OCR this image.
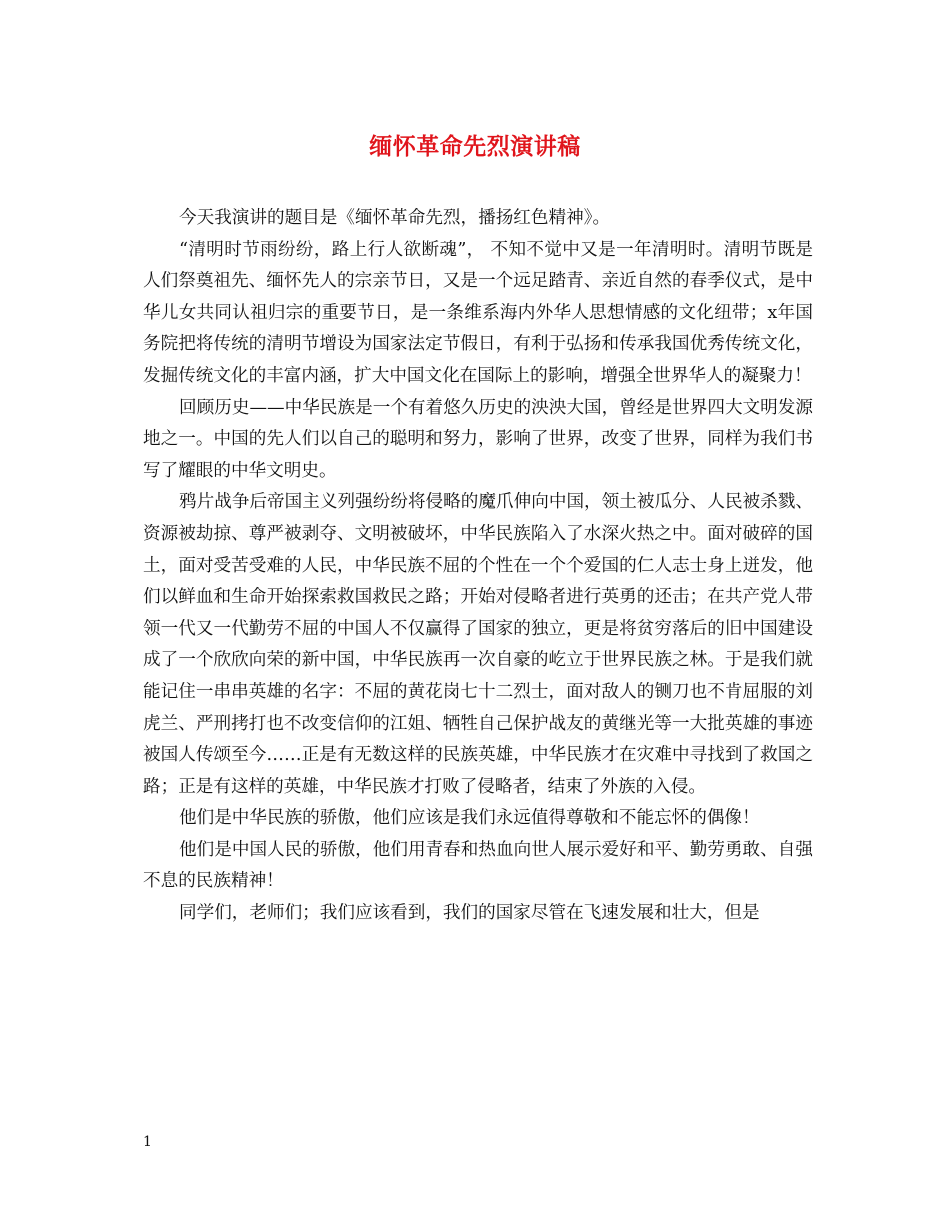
缅怀革命先烈演讲稿

今天我演讲的题目是《缅怀革命先烈，播扬红色精神》。

“清明时节雨纷纷，路上行人欲断魂”， 不知不觉中又是一年清明时。清明节既是人们祭奠祖先、缅怀先人的宗亲节日，又是一个远足踏青、亲近自然的春季仪式，是中华儿女共同认祖归宗的重要节日，是一条维系海内外华人思想情感的文化纽带；x年国务院把将传统的清明节增设为国家法定节假日，有利于弘扬和传承我国优秀传统文化，发掘传统文化的丰富内涵，扩大中国文化在国际上的影响，增强全世界华人的凝聚力！

回顾历史——中华民族是一个有着悠久历史的泱泱大国，曾经是世界四大文明发源地之一。中国的先人们以自己的聪明和努力，影响了世界，改变了世界，同样为我们书写了耀眼的中华文明史。

鸦片战争后帝国主义列强纷纷将侵略的魔爪伸向中国，领土被瓜分、人民被杀戮、资源被劫掠、尊严被剥夺、文明被破坏，中华民族陷入了水深火热之中。面对破碎的国土，面对受苦受难的人民，中华民族不屈的个性在一个个爱国的仁人志士身上迸发，他们以鲜血和生命开始探索救国救民之路；开始对侵略者进行英勇的还击；在共产党人带领一代又一代勤劳不屈的中国人不仅赢得了国家的独立，更是将贫穷落后的旧中国建设成了一个欣欣向荣的新中国，中华民族再一次自豪的屹立于世界民族之林。于是我们就能记住一串串英雄的名字：不屈的黄花岗七十二烈士，面对敌人的铡刀也不肯屈服的刘虎兰、严刑拷打也不改变信仰的江姐、牺牲自己保护战友的黄继光等一大批英雄的事迹被国人传颂至今……正是有无数这样的民族英雄，中华民族才在灾难中寻找到了救国之路；正是有这样的英雄，中华民族才打败了侵略者，结束了外族的入侵。

他们是中华民族的骄傲，他们应该是我们永远值得尊敬和不能忘怀的偶像！

他们是中国人民的骄傲，他们用青春和热血向世人展示爱好和平、勤劳勇敢、自强不息的民族精神！

同学们，老师们；我们应该看到，我们的国家尽管在飞速发展和壮大，但是

1
